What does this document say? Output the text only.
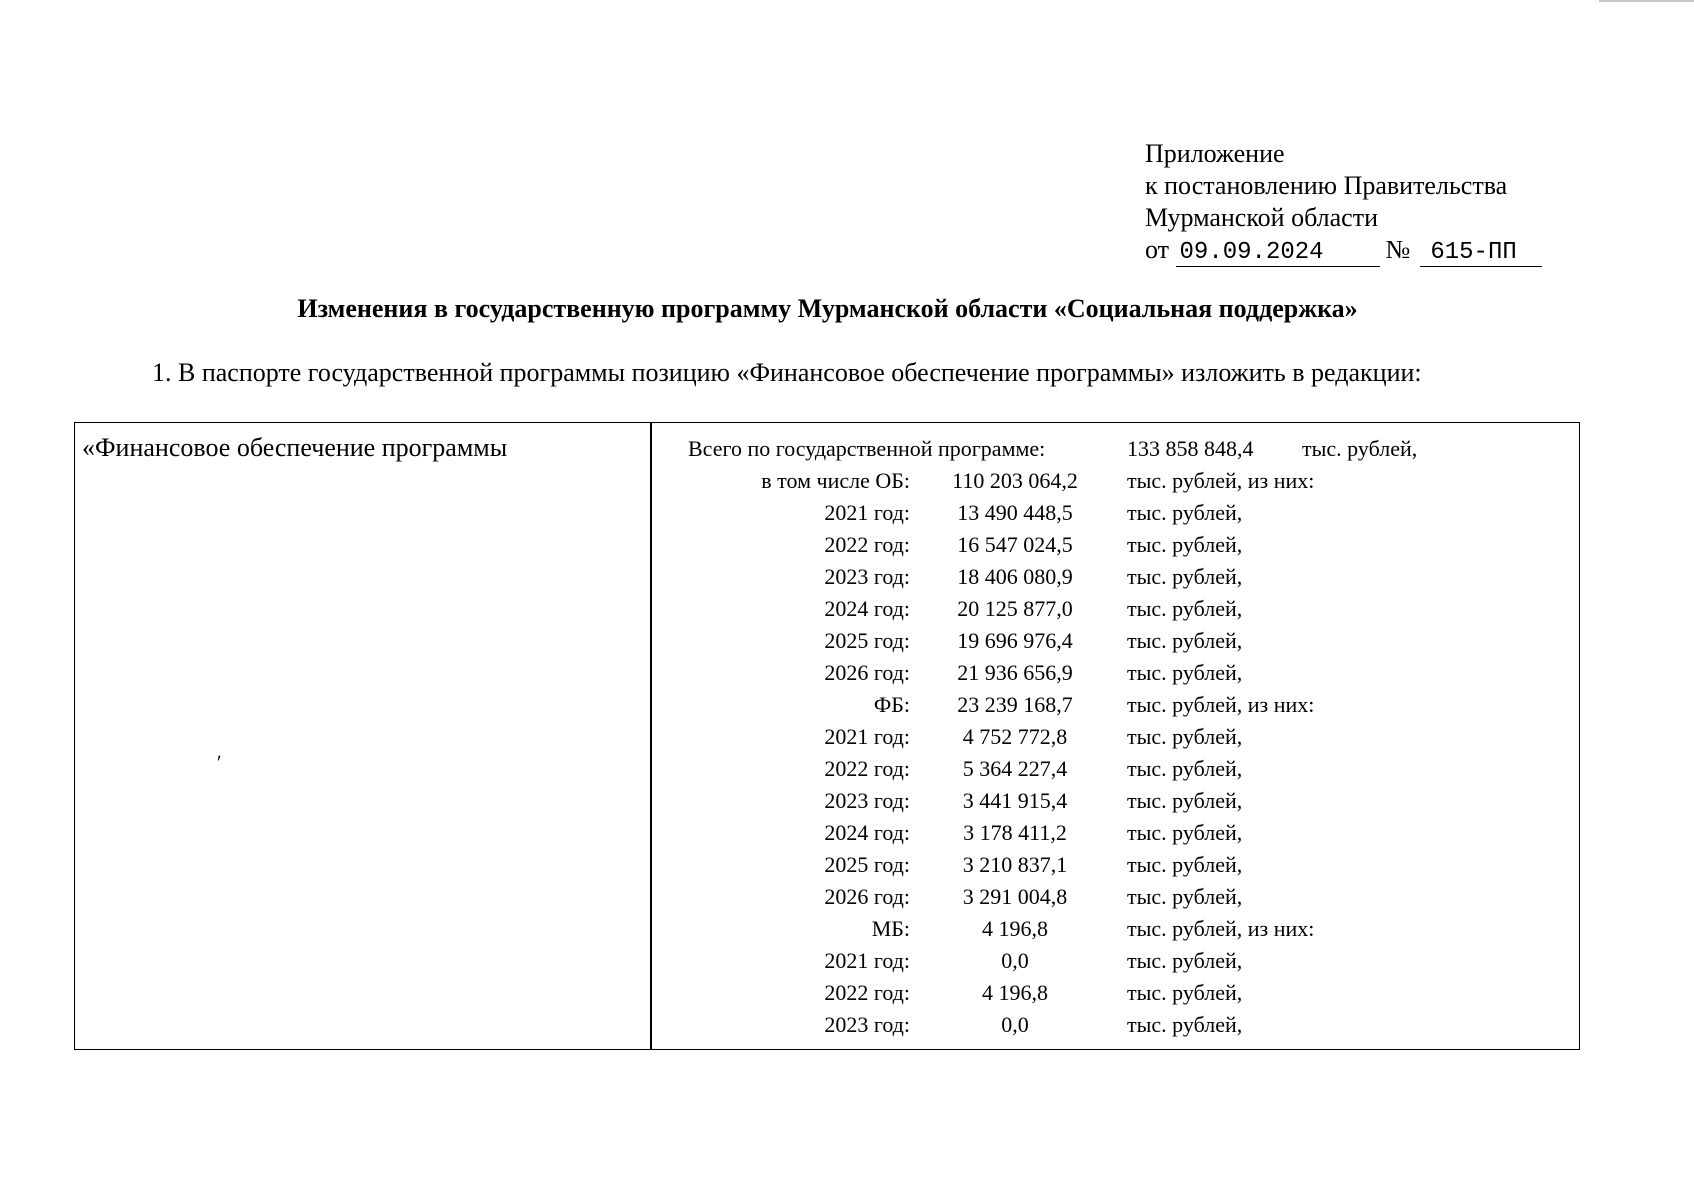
Приложение
к постановлению Правительства
Мурманской области
от 09.09.2024 № 615-ПП
Изменения в государственную программу Мурманской области «Социальная поддержка»
1. В паспорте государственной программы позицию «Финансовое обеспечение программы» изложить в редакции:
«Финансовое обеспечение программы
ʹ
Всего по государственной программе:	133 858 848,4 тыс. рублей,
в том числе ОБ: 110 203 064,2 тыс. рублей, из них:
2021 год:	13 490 448,5	тыс. рублей,
2022 год:	16 547 024,5	тыс. рублей,
2023 год:	18 406 080,9	тыс. рублей,
2024 год:	20 125 877,0	тыс. рублей,
2025 год:	19 696 976,4	тыс. рублей,
2026 год:	21 936 656,9	тыс. рублей,
ФБ:	23 239 168,7	тыс. рублей, из них:
2021 год:	4 752 772,8	тыс. рублей,
2022 год:	5 364 227,4	тыс. рублей,
2023 год:	3 441 915,4	тыс. рублей,
2024 год:	3 178 411,2	тыс. рублей,
2025 год:	3 210 837,1	тыс. рублей,
2026 год:	3 291 004,8	тыс. рублей,
МБ:	4 196,8	тыс. рублей, из них:
2021 год:	0,0	тыс. рублей,
2022 год:	4 196,8	тыс. рублей,
2023 год:	0,0	тыс. рублей,
